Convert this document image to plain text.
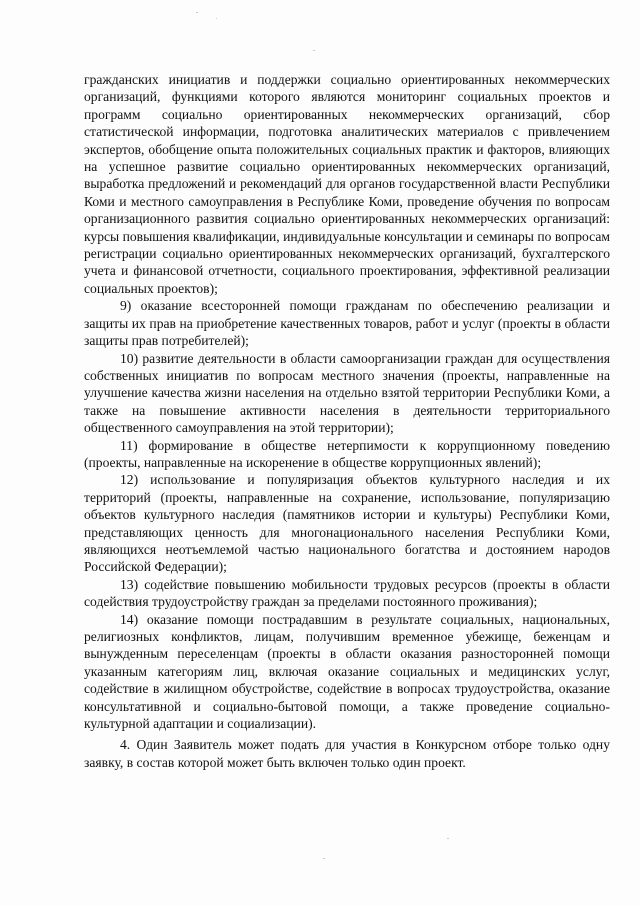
гражданских инициатив и поддержки социально ориентированных некоммерческих организаций, функциями которого являются мониторинг социальных проектов и программ социально ориентированных некоммерческих организаций, сбор статистической информации, подготовка аналитических материалов с привлечением экспертов, обобщение опыта положительных социальных практик и факторов, влияющих на успешное развитие социально ориентированных некоммерческих организаций, выработка предложений и рекомендаций для органов государственной власти Республики Коми и местного самоуправления в Республике Коми, проведение обучения по вопросам организационного развития социально ориентированных некоммерческих организаций: курсы повышения квалификации, индивидуальные консультации и семинары по вопросам регистрации социально ориентированных некоммерческих организаций, бухгалтерского учета и финансовой отчетности, социального проектирования, эффективной реализации социальных проектов);

9) оказание всесторонней помощи гражданам по обеспечению реализации и защиты их прав на приобретение качественных товаров, работ и услуг (проекты в области защиты прав потребителей);

10) развитие деятельности в области самоорганизации граждан для осуществления собственных инициатив по вопросам местного значения (проекты, направленные на улучшение качества жизни населения на отдельно взятой территории Республики Коми, а также на повышение активности населения в деятельности территориального общественного самоуправления на этой территории);

11) формирование в обществе нетерпимости к коррупционному поведению (проекты, направленные на искоренение в обществе коррупционных явлений);

12) использование и популяризация объектов культурного наследия и их территорий (проекты, направленные на сохранение, использование, популяризацию объектов культурного наследия (памятников истории и культуры) Республики Коми, представляющих ценность для многонационального населения Республики Коми, являющихся неотъемлемой частью национального богатства и достоянием народов Российской Федерации);

13) содействие повышению мобильности трудовых ресурсов (проекты в области содействия трудоустройству граждан за пределами постоянного проживания);

14) оказание помощи пострадавшим в результате социальных, национальных, религиозных конфликтов, лицам, получившим временное убежище, беженцам и вынужденным переселенцам (проекты в области оказания разносторонней помощи указанным категориям лиц, включая оказание социальных и медицинских услуг, содействие в жилищном обустройстве, содействие в вопросах трудоустройства, оказание консультативной и социально-бытовой помощи, а также проведение социально-культурной адаптации и социализации).

4. Один Заявитель может подать для участия в Конкурсном отборе только одну заявку, в состав которой может быть включен только один проект.
